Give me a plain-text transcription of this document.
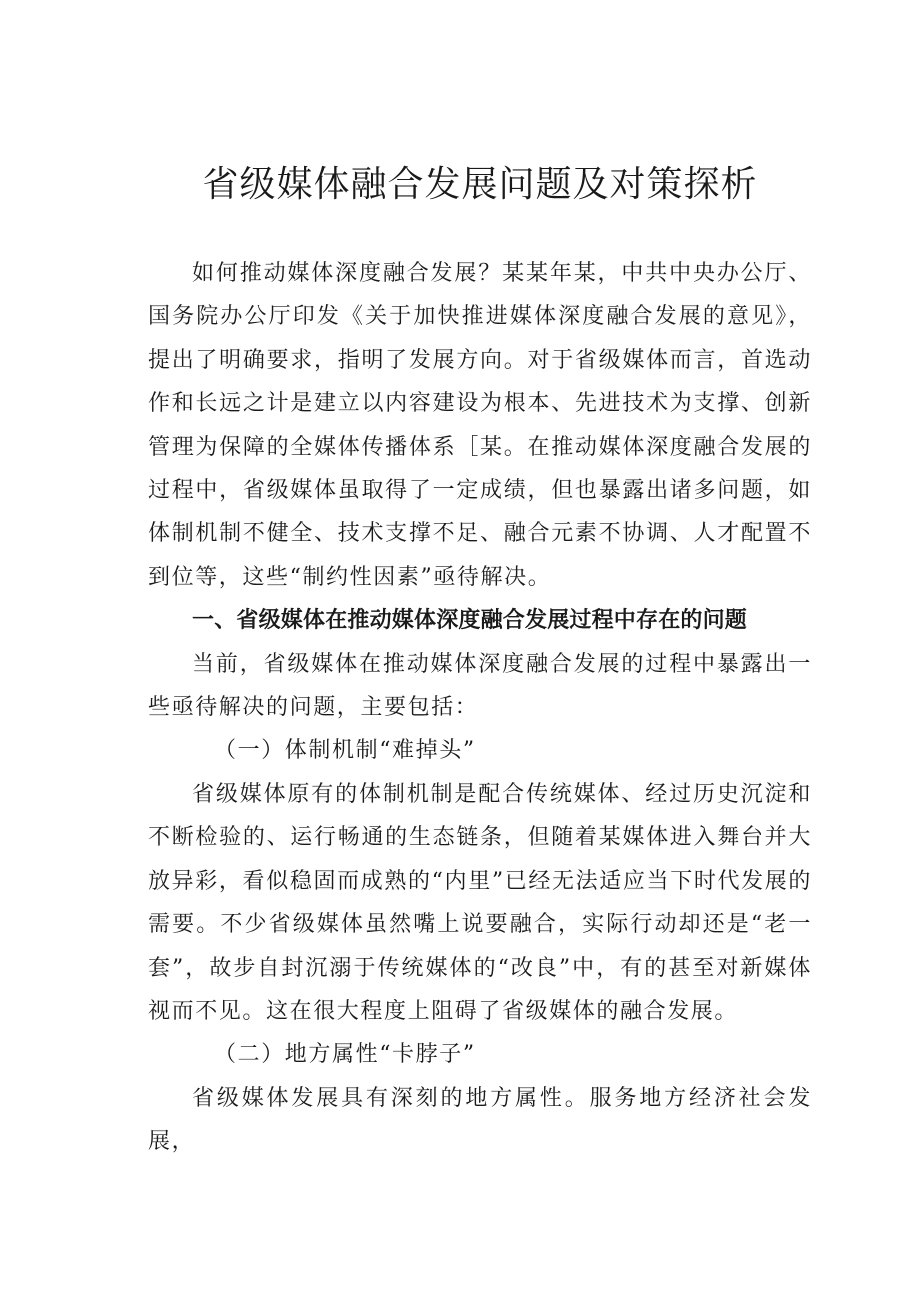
省级媒体融合发展问题及对策探析

如何推动媒体深度融合发展？某某年某，中共中央办公厅、国务院办公厅印发《关于加快推进媒体深度融合发展的意见》，提出了明确要求，指明了发展方向。对于省级媒体而言，首选动作和长远之计是建立以内容建设为根本、先进技术为支撑、创新管理为保障的全媒体传播体系［某。在推动媒体深度融合发展的过程中，省级媒体虽取得了一定成绩，但也暴露出诸多问题，如体制机制不健全、技术支撑不足、融合元素不协调、人才配置不到位等，这些“制约性因素”亟待解决。

一、省级媒体在推动媒体深度融合发展过程中存在的问题

当前，省级媒体在推动媒体深度融合发展的过程中暴露出一些亟待解决的问题，主要包括：

（一）体制机制“难掉头”

省级媒体原有的体制机制是配合传统媒体、经过历史沉淀和不断检验的、运行畅通的生态链条，但随着某媒体进入舞台并大放异彩，看似稳固而成熟的“内里”已经无法适应当下时代发展的需要。不少省级媒体虽然嘴上说要融合，实际行动却还是“老一套”，故步自封沉溺于传统媒体的“改良”中，有的甚至对新媒体视而不见。这在很大程度上阻碍了省级媒体的融合发展。

（二）地方属性“卡脖子”

省级媒体发展具有深刻的地方属性。服务地方经济社会发展，
